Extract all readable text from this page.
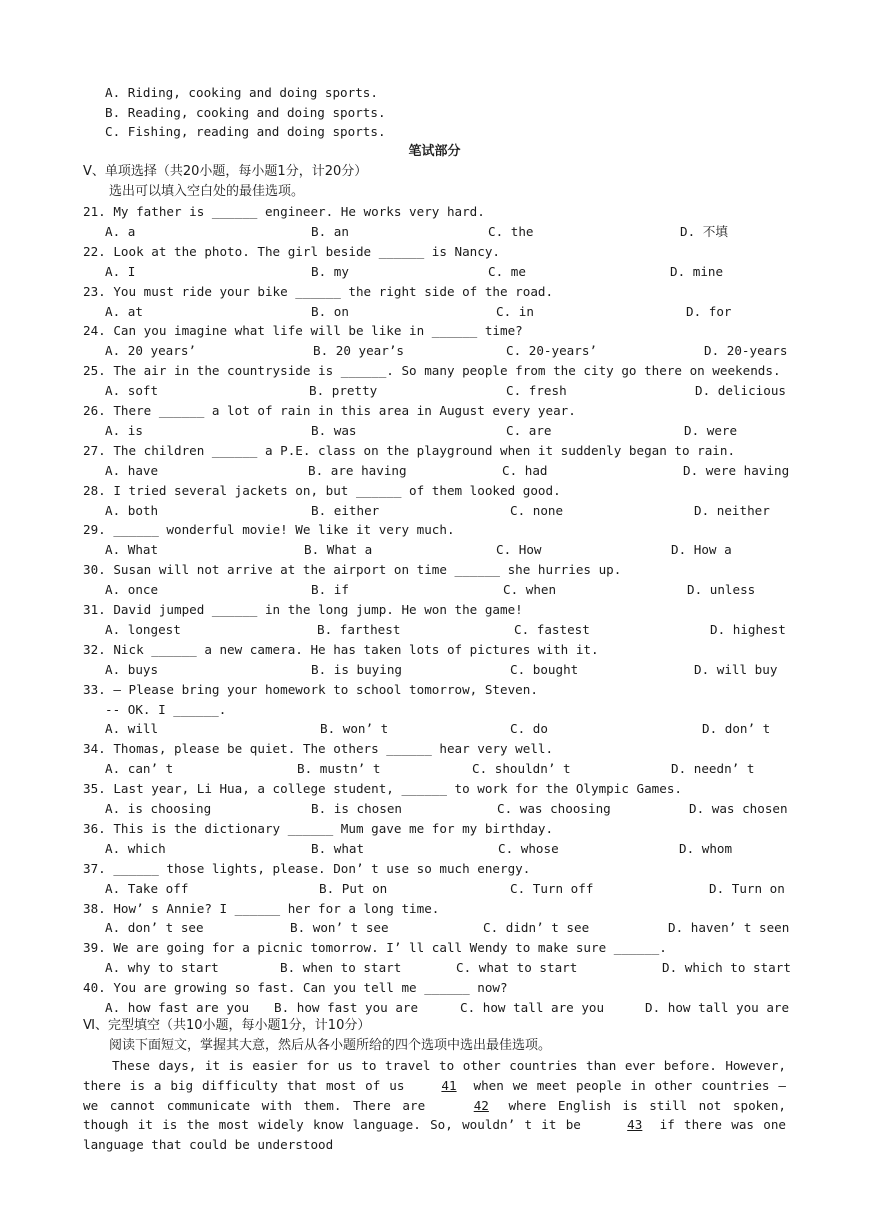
A. Riding, cooking and doing sports.
B. Reading, cooking and doing sports.
C. Fishing, reading and doing sports.
笔试部分
Ⅴ、单项选择（共20小题，每小题1分，计20分）
选出可以填入空白处的最佳选项。
21. My father is ______ engineer. He works very hard.
A. a	B. an	C. the	D. 不填
22. Look at the photo. The girl beside ______ is Nancy.
A. I	B. my	C. me	D. mine
23. You must ride your bike ______ the right side of the road.
A. at	B. on	C. in	D. for
24. Can you imagine what life will be like in ______ time?
A. 20 years’	B. 20 year’s	C. 20-years’	D. 20-years
25. The air in the countryside is ______. So many people from the city go there on weekends.
A. soft	B. pretty	C. fresh	D. delicious
26. There ______ a lot of rain in this area in August every year.
A. is	B. was	C. are	D. were
27. The children ______ a P.E. class on the playground when it suddenly began to rain.
A. have	B. are having	C. had	D. were having
28. I tried several jackets on, but ______ of them looked good.
A. both	B. either	C. none	D. neither
29. ______ wonderful movie! We like it very much.
A. What	B. What a	C. How	D. How a
30. Susan will not arrive at the airport on time ______ she hurries up.
A. once	B. if	C. when	D. unless
31. David jumped ______ in the long jump. He won the game!
A. longest	B. farthest	C. fastest	D. highest
32. Nick ______ a new camera. He has taken lots of pictures with it.
A. buys	B. is buying	C. bought	D. will buy
33. – Please bring your homework to school tomorrow, Steven.
-- OK. I ______.
A. will	B. won’ t	C. do	D. don’ t
34. Thomas, please be quiet. The others ______ hear very well.
A. can’ t	B. mustn’ t	C. shouldn’ t	D. needn’ t
35. Last year, Li Hua, a college student, ______ to work for the Olympic Games.
A. is choosing	B. is chosen	C. was choosing	D. was chosen
36. This is the dictionary ______ Mum gave me for my birthday.
A. which	B. what	C. whose	D. whom
37. ______ those lights, please. Don’ t use so much energy.
A. Take off	B. Put on	C. Turn off	D. Turn on
38. How’ s Annie? I ______ her for a long time.
A. don’ t see	B. won’ t see	C. didn’ t see	D. haven’ t seen
39. We are going for a picnic tomorrow. I’ ll call Wendy to make sure ______.
A. why to start	B. when to start	C. what to start	D. which to start
40. You are growing so fast. Can you tell me ______ now?
A. how fast are you B. how fast you are	C. how tall are you	D. how tall you are
Ⅵ、完型填空（共10小题，每小题1分，计10分）
阅读下面短文，掌握其大意，然后从各小题所给的四个选项中选出最佳选项。
These days, it is easier for us to travel to other countries than ever before. However, there is a big difficulty that most of us	41 when we meet people in other countries – we cannot communicate with them. There are	42 where English is still not spoken, though it is the most widely know language. So, wouldn’ t it be	43 if there was one language that could be understood
